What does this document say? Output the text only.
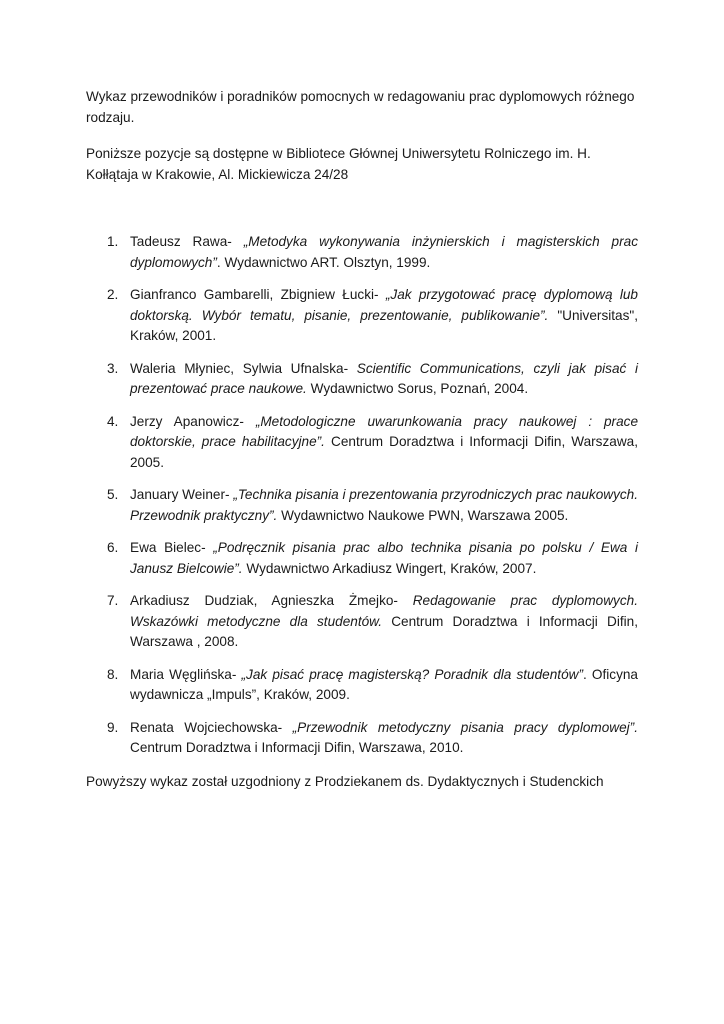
Wykaz przewodników i poradników pomocnych w redagowaniu prac dyplomowych różnego rodzaju.

Poniższe pozycje są dostępne w Bibliotece Głównej Uniwersytetu Rolniczego im. H. Kołłątaja w Krakowie, Al. Mickiewicza 24/28

1. Tadeusz Rawa- „Metodyka wykonywania inżynierskich i magisterskich prac dyplomowych”. Wydawnictwo ART. Olsztyn, 1999.
2. Gianfranco Gambarelli, Zbigniew Łucki- „Jak przygotować pracę dyplomową lub doktorską. Wybór tematu, pisanie, prezentowanie, publikowanie”. "Universitas", Kraków, 2001.
3. Waleria Młyniec, Sylwia Ufnalska- Scientific Communications, czyli jak pisać i prezentować prace naukowe. Wydawnictwo Sorus, Poznań, 2004.
4. Jerzy Apanowicz- „Metodologiczne uwarunkowania pracy naukowej : prace doktorskie, prace habilitacyjne”. Centrum Doradztwa i Informacji Difin, Warszawa, 2005.
5. January Weiner- „Technika pisania i prezentowania przyrodniczych prac naukowych. Przewodnik praktyczny”. Wydawnictwo Naukowe PWN, Warszawa 2005.
6. Ewa Bielec- „Podręcznik pisania prac albo technika pisania po polsku / Ewa i Janusz Bielcowie”. Wydawnictwo Arkadiusz Wingert, Kraków, 2007.
7. Arkadiusz Dudziak, Agnieszka Żmejko- Redagowanie prac dyplomowych. Wskazówki metodyczne dla studentów. Centrum Doradztwa i Informacji Difin, Warszawa , 2008.
8. Maria Węglińska- „Jak pisać pracę magisterską? Poradnik dla studentów”. Oficyna wydawnicza „Impuls”, Kraków, 2009.
9. Renata Wojciechowska- „Przewodnik metodyczny pisania pracy dyplomowej”. Centrum Doradztwa i Informacji Difin, Warszawa, 2010.

Powyższy wykaz został uzgodniony z Prodziekanem ds. Dydaktycznych i Studenckich
